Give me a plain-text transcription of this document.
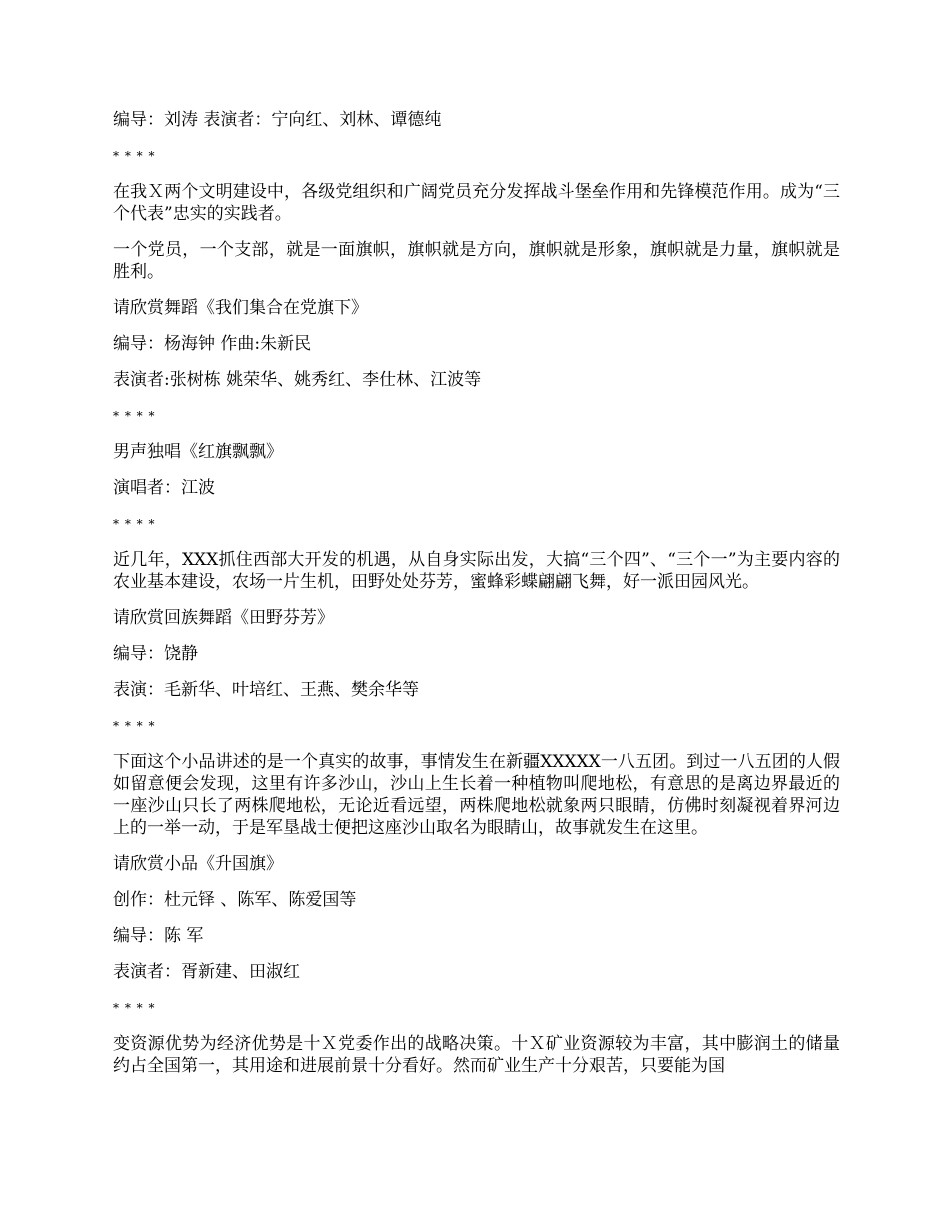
编导：刘涛 表演者：宁向红、刘林、谭德纯

* * * *

在我Ｘ两个文明建设中，各级党组织和广阔党员充分发挥战斗堡垒作用和先锋模范作用。成为“三个代表”忠实的实践者。

一个党员，一个支部，就是一面旗帜，旗帜就是方向，旗帜就是形象，旗帜就是力量，旗帜就是胜利。

请欣赏舞蹈《我们集合在党旗下》

编导：杨海钟 作曲:朱新民

表演者:张树栋 姚荣华、姚秀红、李仕林、江波等

* * * *

男声独唱《红旗飘飘》

演唱者：江波

* * * *

近几年，XXX抓住西部大开发的机遇，从自身实际出发，大搞“三个四”、“三个一”为主要内容的农业基本建设，农场一片生机，田野处处芬芳，蜜蜂彩蝶翩翩飞舞，好一派田园风光。

请欣赏回族舞蹈《田野芬芳》

编导：饶静

表演：毛新华、叶培红、王燕、樊余华等

* * * *

下面这个小品讲述的是一个真实的故事，事情发生在新疆XXXXX一八五团。到过一八五团的人假如留意便会发现，这里有许多沙山，沙山上生长着一种植物叫爬地松，有意思的是离边界最近的一座沙山只长了两株爬地松，无论近看远望，两株爬地松就象两只眼睛，仿佛时刻凝视着界河边上的一举一动，于是军垦战士便把这座沙山取名为眼睛山，故事就发生在这里。

请欣赏小品《升国旗》

创作：杜元铎 、陈军、陈爱国等

编导：陈 军

表演者：胥新建、田淑红

* * * *

变资源优势为经济优势是十Ｘ党委作出的战略决策。十Ｘ矿业资源较为丰富，其中膨润土的储量约占全国第一，其用途和进展前景十分看好。然而矿业生产十分艰苦，只要能为国
